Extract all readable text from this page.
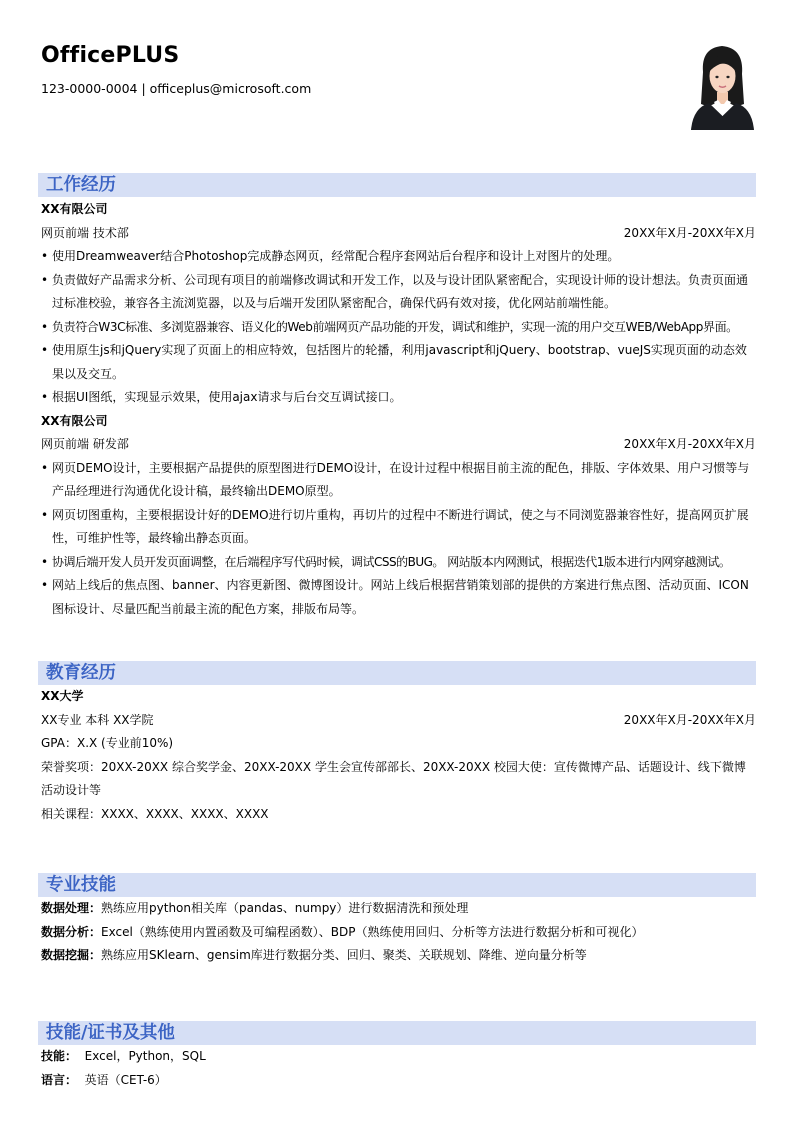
OfficePLUS
123-0000-0004 | officeplus@microsoft.com
工作经历
XX有限公司
网页前端 技术部	20XX年X月-20XX年X月
• 使用Dreamweaver结合Photoshop完成静态网页，经常配合程序套网站后台程序和设计上对图片的处理。
• 负责做好产品需求分析、公司现有项目的前端修改调试和开发工作，以及与设计团队紧密配合，实现设计师的设计想法。负责页面通过标准校验，兼容各主流浏览器，以及与后端开发团队紧密配合，确保代码有效对接，优化网站前端性能。
• 负责符合W3C标准、多浏览器兼容、语义化的Web前端网页产品功能的开发，调试和维护，实现一流的用户交互WEB/WebApp界面。
• 使用原生js和jQuery实现了页面上的相应特效，包括图片的轮播，利用javascript和jQuery、bootstrap、vueJS实现页面的动态效果以及交互。
• 根据UI图纸，实现显示效果，使用ajax请求与后台交互调试接口。
XX有限公司
网页前端 研发部	20XX年X月-20XX年X月
• 网页DEMO设计，主要根据产品提供的原型图进行DEMO设计，在设计过程中根据目前主流的配色，排版、字体效果、用户习惯等与产品经理进行沟通优化设计稿，最终输出DEMO原型。
• 网页切图重构，主要根据设计好的DEMO进行切片重构，再切片的过程中不断进行调试，使之与不同浏览器兼容性好，提高网页扩展性，可维护性等，最终输出静态页面。
• 协调后端开发人员开发页面调整，在后端程序写代码时候，调试CSS的BUG。 网站版本内网测试，根据迭代1版本进行内网穿越测试。
• 网站上线后的焦点图、banner、内容更新图、微博图设计。网站上线后根据营销策划部的提供的方案进行焦点图、活动页面、ICON图标设计、尽量匹配当前最主流的配色方案，排版布局等。
教育经历
XX大学
XX专业 本科 XX学院	20XX年X月-20XX年X月
GPA：X.X (专业前10%)
荣誉奖项：20XX-20XX 综合奖学金、20XX-20XX 学生会宣传部部长、20XX-20XX 校园大使：宣传微博产品、话题设计、线下微博活动设计等
相关课程：XXXX、XXXX、XXXX、XXXX
专业技能
数据处理：熟练应用python相关库（pandas、numpy）进行数据清洗和预处理
数据分析：Excel（熟练使用内置函数及可编程函数）、BDP（熟练使用回归、分析等方法进行数据分析和可视化）
数据挖掘：熟练应用SKlearn、gensim库进行数据分类、回归、聚类、关联规划、降维、逆向量分析等
技能/证书及其他
技能： Excel，Python，SQL
语言： 英语（CET-6）
